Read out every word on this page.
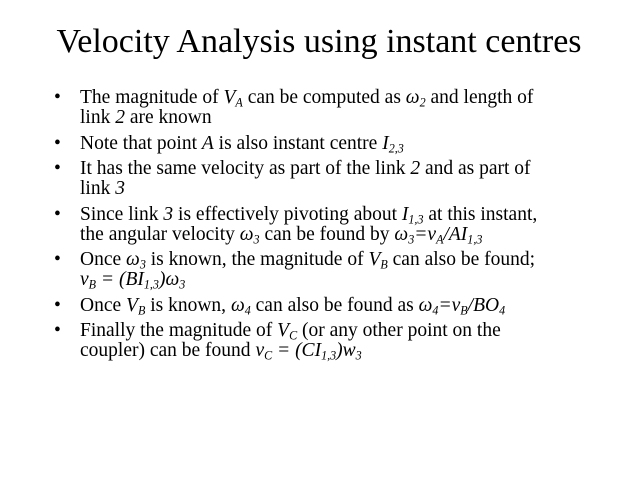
Velocity Analysis using instant centres
• The magnitude of $V_A$ can be computed as $\omega_2$ and length of
link 2 are known
• Note that point A is also instant centre $I_{2,3}$
• It has the same velocity as part of the link 2 and as part of
link 3
• Since link 3 is effectively pivoting about $I_{1,3}$ at this instant,
the angular velocity $\omega_3$ can be found by $\omega_3=v_A/AI_{1,3}$
• Once $\omega_3$ is known, the magnitude of $V_B$ can also be found;
$v_B = (BI_{1,3})\omega_3$
• Once $V_B$ is known, $\omega_4$ can also be found as $\omega_4=v_B/BO_4$
• Finally the magnitude of $V_C$ (or any other point on the
coupler) can be found $v_C = (CI_{1,3})w_3$
